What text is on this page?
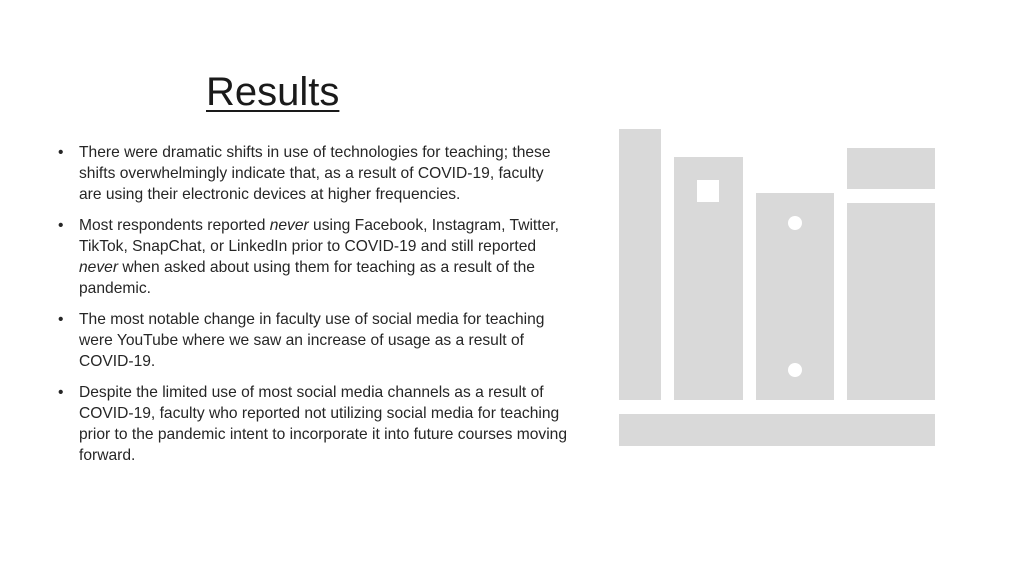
Results
• There were dramatic shifts in use of technologies for teaching; these shifts overwhelmingly indicate that, as a result of COVID-19, faculty are using their electronic devices at higher frequencies.
• Most respondents reported never using Facebook, Instagram, Twitter, TikTok, SnapChat, or LinkedIn prior to COVID-19 and still reported never when asked about using them for teaching as a result of the pandemic.
• The most notable change in faculty use of social media for teaching were YouTube where we saw an increase of usage as a result of COVID-19.
• Despite the limited use of most social media channels as a result of COVID-19, faculty who reported not utilizing social media for teaching prior to the pandemic intent to incorporate it into future courses moving forward.
